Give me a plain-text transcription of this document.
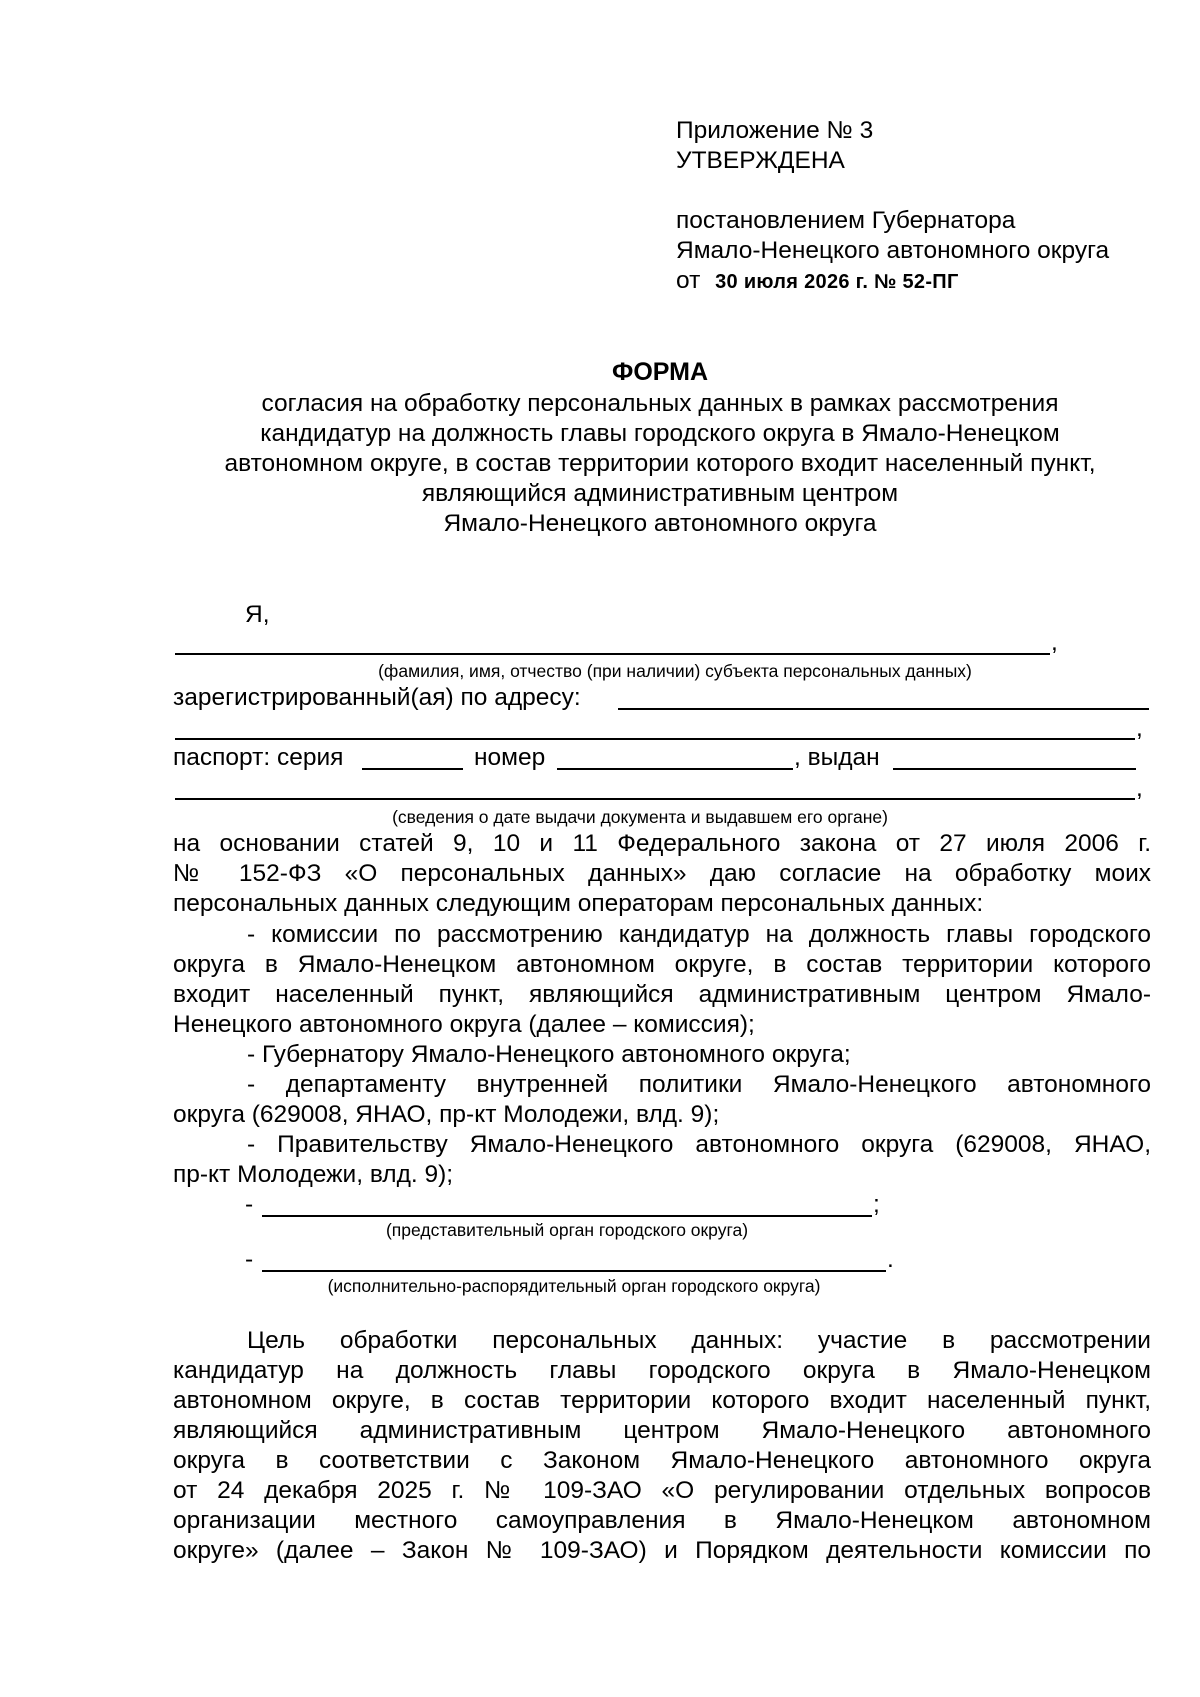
Приложение № 3
УТВЕРЖДЕНА
постановлением Губернатора
Ямало-Ненецкого автономного округа
от 30 июля 2026 г. № 52-ПГ
ФОРМА
согласия на обработку персональных данных в рамках рассмотрения
кандидатур на должность главы городского округа в Ямало-Ненецком
автономном округе, в состав территории которого входит населенный пункт,
являющийся административным центром
Ямало-Ненецкого автономного округа
Я,
,
(фамилия, имя, отчество (при наличии) субъекта персональных данных)
зарегистрированный(ая) по адресу:
,
паспорт: серия	номер	, выдан
,
(сведения о дате выдачи документа и выдавшем его органе)
на основании статей 9, 10 и 11 Федерального закона от 27 июля 2006 г.
№ 152-ФЗ «О персональных данных» даю согласие на обработку моих
персональных данных следующим операторам персональных данных:
- комиссии по рассмотрению кандидатур на должность главы городского
округа в Ямало-Ненецком автономном округе, в состав территории которого
входит населенный пункт, являющийся административным центром Ямало-
Ненецкого автономного округа (далее – комиссия);
- Губернатору Ямало-Ненецкого автономного округа;
- департаменту внутренней политики Ямало-Ненецкого автономного
округа (629008, ЯНАО, пр-кт Молодежи, влд. 9);
- Правительству Ямало-Ненецкого автономного округа (629008, ЯНАО,
пр-кт Молодежи, влд. 9);
-	;
(представительный орган городского округа)
-	.
(исполнительно-распорядительный орган городского округа)
Цель обработки персональных данных: участие в рассмотрении
кандидатур на должность главы городского округа в Ямало-Ненецком
автономном округе, в состав территории которого входит населенный пункт,
являющийся административным центром Ямало-Ненецкого автономного
округа в соответствии с Законом Ямало-Ненецкого автономного округа
от 24 декабря 2025 г. № 109-ЗАО «О регулировании отдельных вопросов
организации местного самоуправления в Ямало-Ненецком автономном
округе» (далее – Закон № 109-ЗАО) и Порядком деятельности комиссии по
